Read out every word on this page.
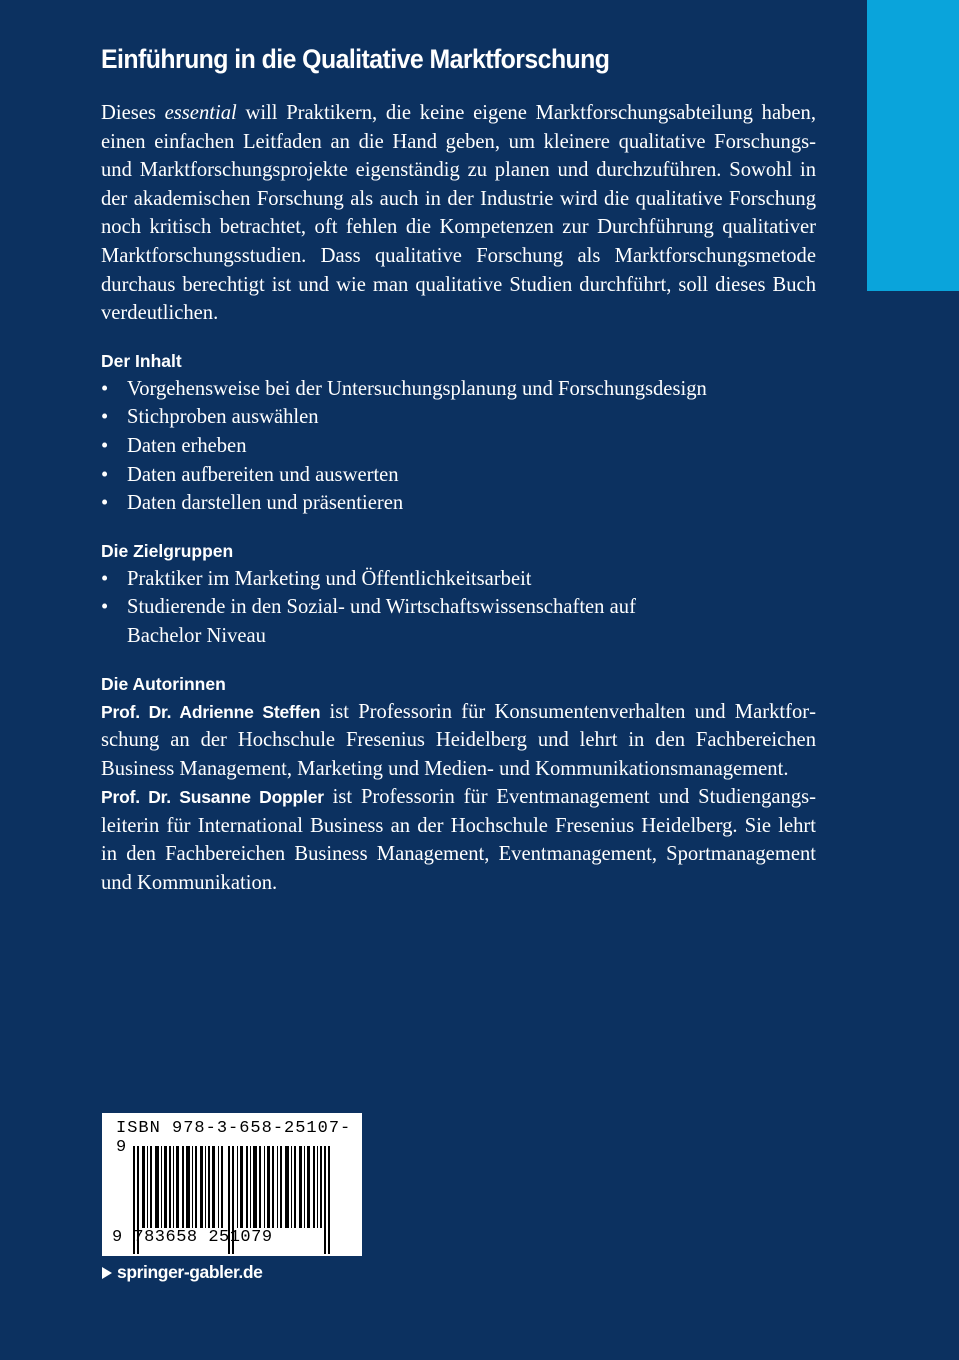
Einführung in die Qualitative Marktforschung

Dieses essential will Praktikern, die keine eigene Marktforschungsabteilung haben, einen einfachen Leitfaden an die Hand geben, um kleinere qualitative Forschungs- und Marktforschungsprojekte eigenständig zu planen und durchzuführen. Sowohl in der akademischen Forschung als auch in der Industrie wird die qualitative Forschung noch kritisch betrachtet, oft fehlen die Kompetenzen zur Durchführung qualitativer Marktforschungsstudien. Dass qualitative Forschung als Marktforschungsmetode durchaus berechtigt ist und wie man qualitative Studien durchführt, soll dieses Buch verdeutlichen.

Der Inhalt
• Vorgehensweise bei der Untersuchungsplanung und Forschungsdesign
• Stichproben auswählen
• Daten erheben
• Daten aufbereiten und auswerten
• Daten darstellen und präsentieren
Die Zielgruppen
• Praktiker im Marketing und Öffentlichkeitsarbeit
• Studierende in den Sozial- und Wirtschaftswissenschaften auf Bachelor Niveau
Die Autorinnen

Prof. Dr. Adrienne Steffen ist Professorin für Konsumentenverhalten und Marktforschung an der Hochschule Fresenius Heidelberg und lehrt in den Fachbereichen Business Management, Marketing und Medien- und Kommunikationsmanagement.

Prof. Dr. Susanne Doppler ist Professorin für Eventmanagement und Studiengangsleiterin für International Business an der Hochschule Fresenius Heidelberg. Sie lehrt in den Fachbereichen Business Management, Eventmanagement, Sportmanagement und Kommunikation.

ISBN 978-3-658-25107-9
9 783658 251079
springer-gabler.de
